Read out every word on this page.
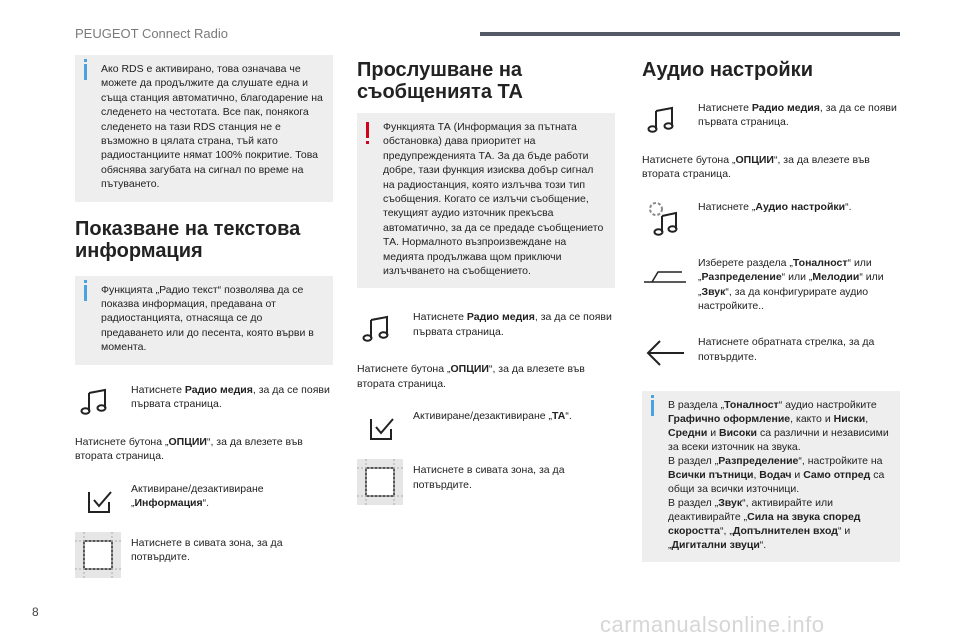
PEUGEOT Connect Radio
Ако RDS е активирано, това означава че можете да продължите да слушате една и съща станция автоматично, благодарение на следенето на честотата. Все пак, понякога следенето на тази RDS станция не е възможно в цялата страна, тъй като радиостанциите нямат 100% покритие. Това обяснява загубата на сигнал по време на пътуването.
Показване на текстова информация
Функцията „Радио текст“ позволява да се показва информация, предавана от радиостанцията, отнасяща се до предаването или до песента, която върви в момента.
Натиснете Радио медия, за да се появи първата страница.
Натиснете бутона „ОПЦИИ“, за да влезете във втората страница.
Активиране/дезактивиране „Информация“.
Натиснете в сивата зона, за да потвърдите.
Прослушване на съобщенията ТА
Функцията ТА (Информация за пътната обстановка) дава приоритет на предупрежденията ТА. За да бъде работи добре, тази функция изисква добър сигнал на радиостанция, която излъчва този тип съобщения. Когато се излъчи съобщение, текущият аудио източник прекъсва автоматично, за да се предаде съобщението ТА. Нормалното възпроизвеждане на медията продължава щом приключи излъчването на съобщението.
Натиснете Радио медия, за да се появи първата страница.
Натиснете бутона „ОПЦИИ“, за да влезете във втората страница.
Активиране/дезактивиране „ТА“.
Натиснете в сивата зона, за да потвърдите.
Аудио настройки
Натиснете Радио медия, за да се появи първата страница.
Натиснете бутона „ОПЦИИ“, за да влезете във втората страница.
Натиснете „Аудио настройки“.
Изберете раздела „Тоналност“ или „Разпределение“ или „Мелодии“ или „Звук“, за да конфигурирате аудио настройките..
Натиснете обратната стрелка, за да потвърдите.
В раздела „Тоналност“ аудио настройките Графично оформление, както и Ниски, Средни и Високи са различни и независими за всеки източник на звука.
В раздел „Разпределение“, настройките на Всички пътници, Водач и Само отпред са общи за всички източници.
В раздел „Звук“, активирайте или деактивирайте „Сила на звука според скоростта“, „Допълнителен вход“ и „Дигитални звуци“.
8	carmanualsonline.info
